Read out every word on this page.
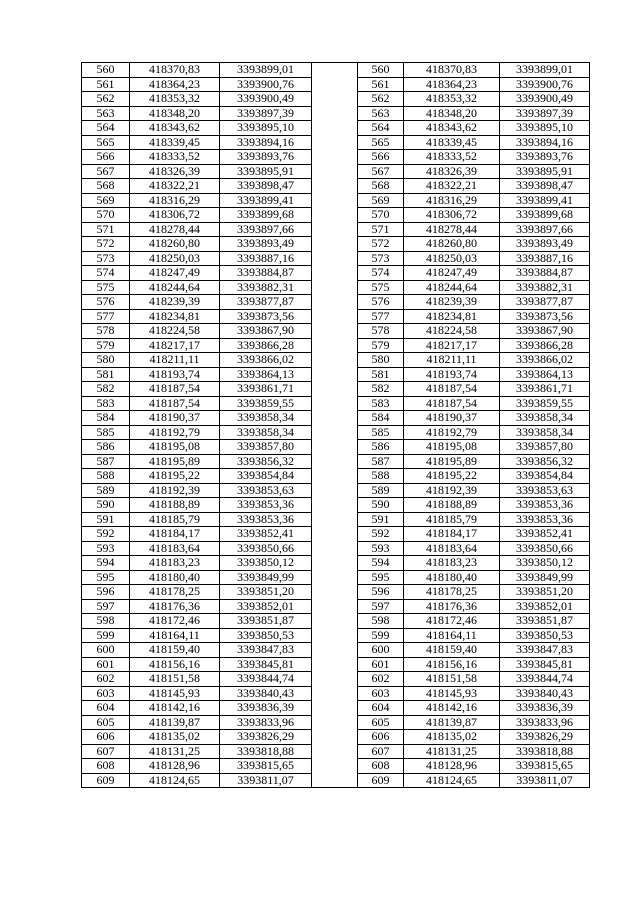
560	418370,83	3393899,01		560	418370,83	3393899,01
561	418364,23	3393900,76		561	418364,23	3393900,76
562	418353,32	3393900,49		562	418353,32	3393900,49
563	418348,20	3393897,39		563	418348,20	3393897,39
564	418343,62	3393895,10		564	418343,62	3393895,10
565	418339,45	3393894,16		565	418339,45	3393894,16
566	418333,52	3393893,76		566	418333,52	3393893,76
567	418326,39	3393895,91		567	418326,39	3393895,91
568	418322,21	3393898,47		568	418322,21	3393898,47
569	418316,29	3393899,41		569	418316,29	3393899,41
570	418306,72	3393899,68		570	418306,72	3393899,68
571	418278,44	3393897,66		571	418278,44	3393897,66
572	418260,80	3393893,49		572	418260,80	3393893,49
573	418250,03	3393887,16		573	418250,03	3393887,16
574	418247,49	3393884,87		574	418247,49	3393884,87
575	418244,64	3393882,31		575	418244,64	3393882,31
576	418239,39	3393877,87		576	418239,39	3393877,87
577	418234,81	3393873,56		577	418234,81	3393873,56
578	418224,58	3393867,90		578	418224,58	3393867,90
579	418217,17	3393866,28		579	418217,17	3393866,28
580	418211,11	3393866,02		580	418211,11	3393866,02
581	418193,74	3393864,13		581	418193,74	3393864,13
582	418187,54	3393861,71		582	418187,54	3393861,71
583	418187,54	3393859,55		583	418187,54	3393859,55
584	418190,37	3393858,34		584	418190,37	3393858,34
585	418192,79	3393858,34		585	418192,79	3393858,34
586	418195,08	3393857,80		586	418195,08	3393857,80
587	418195,89	3393856,32		587	418195,89	3393856,32
588	418195,22	3393854,84		588	418195,22	3393854,84
589	418192,39	3393853,63		589	418192,39	3393853,63
590	418188,89	3393853,36		590	418188,89	3393853,36
591	418185,79	3393853,36		591	418185,79	3393853,36
592	418184,17	3393852,41		592	418184,17	3393852,41
593	418183,64	3393850,66		593	418183,64	3393850,66
594	418183,23	3393850,12		594	418183,23	3393850,12
595	418180,40	3393849,99		595	418180,40	3393849,99
596	418178,25	3393851,20		596	418178,25	3393851,20
597	418176,36	3393852,01		597	418176,36	3393852,01
598	418172,46	3393851,87		598	418172,46	3393851,87
599	418164,11	3393850,53		599	418164,11	3393850,53
600	418159,40	3393847,83		600	418159,40	3393847,83
601	418156,16	3393845,81		601	418156,16	3393845,81
602	418151,58	3393844,74		602	418151,58	3393844,74
603	418145,93	3393840,43		603	418145,93	3393840,43
604	418142,16	3393836,39		604	418142,16	3393836,39
605	418139,87	3393833,96		605	418139,87	3393833,96
606	418135,02	3393826,29		606	418135,02	3393826,29
607	418131,25	3393818,88		607	418131,25	3393818,88
608	418128,96	3393815,65		608	418128,96	3393815,65
609	418124,65	3393811,07		609	418124,65	3393811,07
